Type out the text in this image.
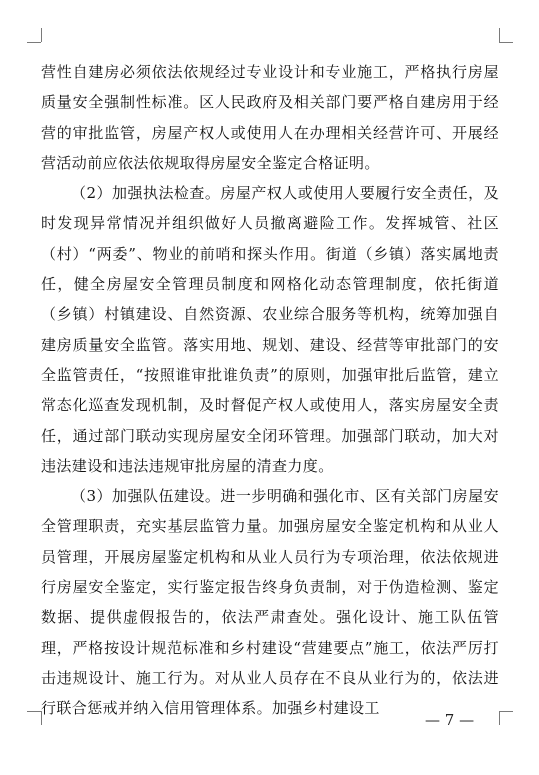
营性自建房必须依法依规经过专业设计和专业施工，严格执行房屋质量安全强制性标准。区人民政府及相关部门要严格自建房用于经营的审批监管，房屋产权人或使用人在办理相关经营许可、开展经营活动前应依法依规取得房屋安全鉴定合格证明。

（2）加强执法检查。房屋产权人或使用人要履行安全责任，及时发现异常情况并组织做好人员撤离避险工作。发挥城管、社区（村）“两委”、物业的前哨和探头作用。街道（乡镇）落实属地责任，健全房屋安全管理员制度和网格化动态管理制度，依托街道（乡镇）村镇建设、自然资源、农业综合服务等机构，统筹加强自建房质量安全监管。落实用地、规划、建设、经营等审批部门的安全监管责任，“按照谁审批谁负责”的原则，加强审批后监管，建立常态化巡查发现机制，及时督促产权人或使用人，落实房屋安全责任，通过部门联动实现房屋安全闭环管理。加强部门联动，加大对违法建设和违法违规审批房屋的清查力度。

（3）加强队伍建设。进一步明确和强化市、区有关部门房屋安全管理职责，充实基层监管力量。加强房屋安全鉴定机构和从业人员管理，开展房屋鉴定机构和从业人员行为专项治理，依法依规进行房屋安全鉴定，实行鉴定报告终身负责制，对于伪造检测、鉴定数据、提供虚假报告的，依法严肃查处。强化设计、施工队伍管理，严格按设计规范标准和乡村建设“营建要点”施工，依法严厉打击违规设计、施工行为。对从业人员存在不良从业行为的，依法进行联合惩戒并纳入信用管理体系。加强乡村建设工

— 7 —
